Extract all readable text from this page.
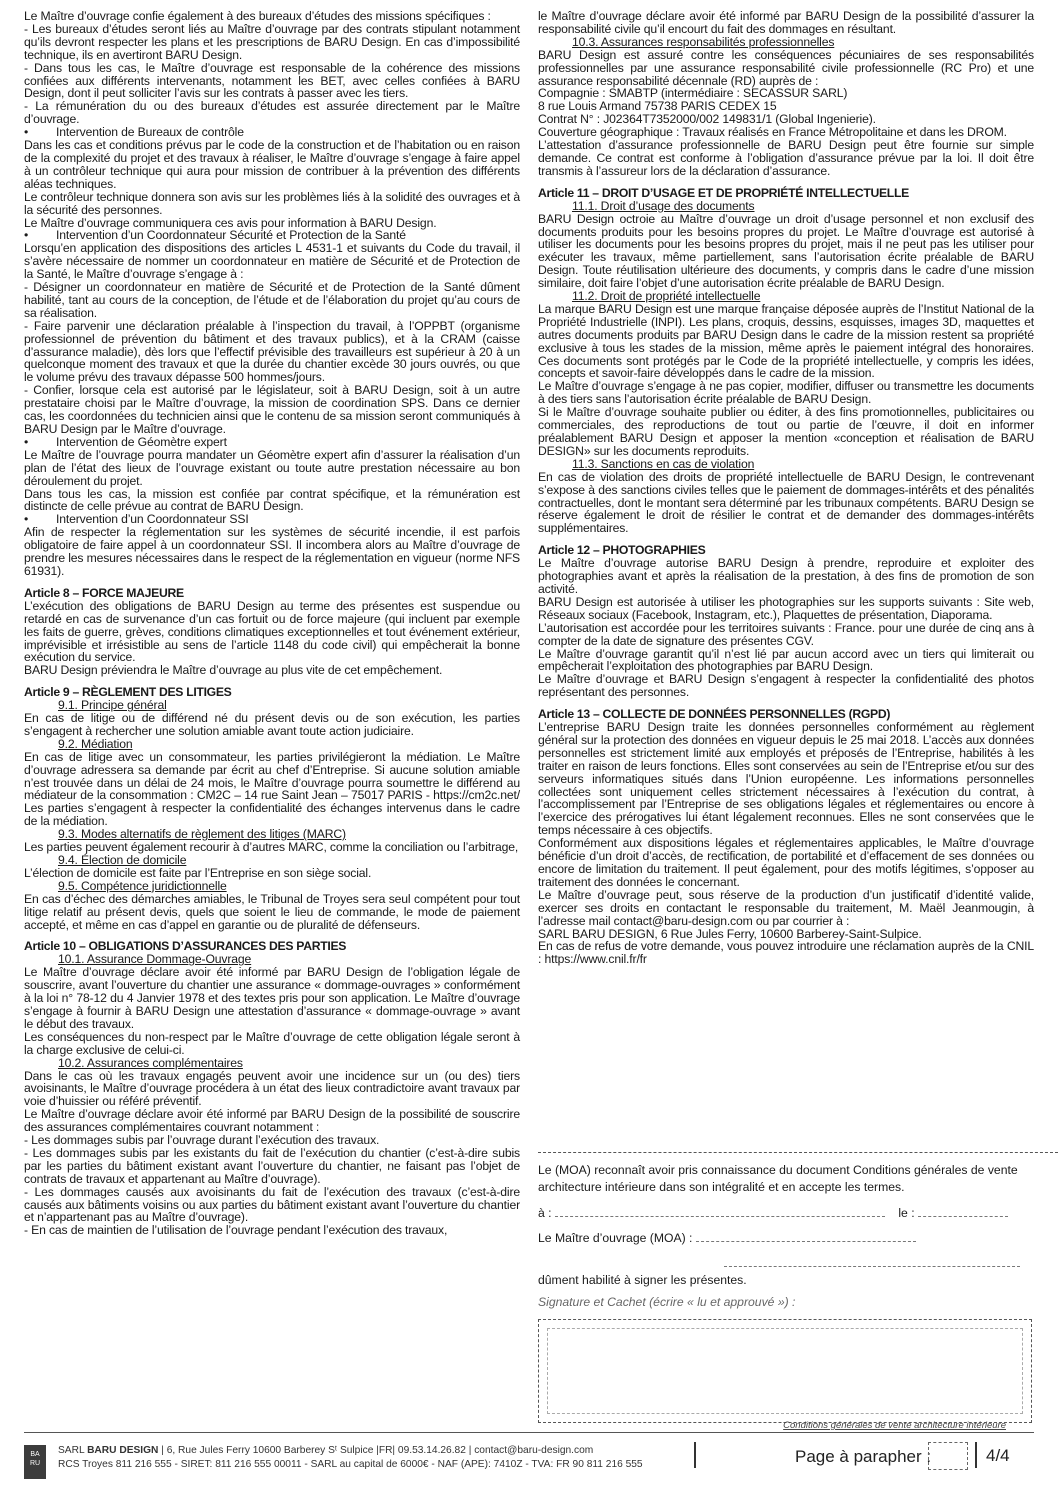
Le Maître d’ouvrage confie également à des bureaux d’études des missions spécifiques :

- Les bureaux d’études seront liés au Maître d’ouvrage par des contrats stipulant notamment qu’ils devront respecter les plans et les prescriptions de BARU Design. En cas d’impossibilité technique, ils en avertiront BARU Design.

- Dans tous les cas, le Maître d’ouvrage est responsable de la cohérence des missions confiées aux différents intervenants, notamment les BET, avec celles confiées à BARU Design, dont il peut solliciter l’avis sur les contrats à passer avec les tiers.

- La rémunération du ou des bureaux d’études est assurée directement par le Maître d’ouvrage.

•	Intervention de Bureaux de contrôle

Dans les cas et conditions prévus par le code de la construction et de l’habitation ou en raison de la complexité du projet et des travaux à réaliser, le Maître d’ouvrage s’engage à faire appel à un contrôleur technique qui aura pour mission de contribuer à la prévention des différents aléas techniques.

Le contrôleur technique donnera son avis sur les problèmes liés à la solidité des ouvrages et à la sécurité des personnes.

Le Maître d’ouvrage communiquera ces avis pour information à BARU Design.

•	Intervention d’un Coordonnateur Sécurité et Protection de la Santé

Lorsqu’en application des dispositions des articles L 4531-1 et suivants du Code du travail, il s’avère nécessaire de nommer un coordonnateur en matière de Sécurité et de Protection de la Santé, le Maître d’ouvrage s’engage à :

- Désigner un coordonnateur en matière de Sécurité et de Protection de la Santé dûment habilité, tant au cours de la conception, de l’étude et de l’élaboration du projet qu’au cours de sa réalisation.

- Faire parvenir une déclaration préalable à l’inspection du travail, à l’OPPBT (organisme professionnel de prévention du bâtiment et des travaux publics), et à la CRAM (caisse d’assurance maladie), dès lors que l’effectif prévisible des travailleurs est supérieur à 20 à un quelconque moment des travaux et que la durée du chantier excède 30 jours ouvrés, ou que le volume prévu des travaux dépasse 500 hommes/jours.

- Confier, lorsque cela est autorisé par le législateur, soit à BARU Design, soit à un autre prestataire choisi par le Maître d’ouvrage, la mission de coordination SPS. Dans ce dernier cas, les coordonnées du technicien ainsi que le contenu de sa mission seront communiqués à BARU Design par le Maître d’ouvrage.

•	Intervention de Géomètre expert

Le Maître de l’ouvrage pourra mandater un Géomètre expert afin d’assurer la réalisation d’un plan de l’état des lieux de l’ouvrage existant ou toute autre prestation nécessaire au bon déroulement du projet.

Dans tous les cas, la mission est confiée par contrat spécifique, et la rémunération est distincte de celle prévue au contrat de BARU Design.

•	Intervention d’un Coordonnateur SSI

Afin de respecter la réglementation sur les systèmes de sécurité incendie, il est parfois obligatoire de faire appel à un coordonnateur SSI. Il incombera alors au Maître d’ouvrage de prendre les mesures nécessaires dans le respect de la réglementation en vigueur (norme NFS 61931).

Article 8 – FORCE MAJEURE

L’exécution des obligations de BARU Design au terme des présentes est suspendue ou retardé en cas de survenance d’un cas fortuit ou de force majeure (qui incluent par exemple les faits de guerre, grèves, conditions climatiques exceptionnelles et tout événement extérieur, imprévisible et irrésistible au sens de l’article 1148 du code civil) qui empêcherait la bonne exécution du service.

BARU Design préviendra le Maître d’ouvrage au plus vite de cet empêchement.

Article 9 – RÈGLEMENT DES LITIGES

9.1. Principe général

En cas de litige ou de différend né du présent devis ou de son exécution, les parties s’engagent à rechercher une solution amiable avant toute action judiciaire.

9.2. Médiation

En cas de litige avec un consommateur, les parties privilégieront la médiation. Le Maître d’ouvrage adressera sa demande par écrit au chef d’Entreprise. Si aucune solution amiable n’est trouvée dans un délai de 24 mois, le Maître d’ouvrage pourra soumettre le différend au médiateur de la consommation : CM2C – 14 rue Saint Jean – 75017 PARIS - https://cm2c.net/ Les parties s’engagent à respecter la confidentialité des échanges intervenus dans le cadre de la médiation.

9.3. Modes alternatifs de règlement des litiges (MARC)

Les parties peuvent également recourir à d’autres MARC, comme la conciliation ou l’arbitrage,

9.4. Élection de domicile

L’élection de domicile est faite par l’Entreprise en son siège social.

9.5. Compétence juridictionnelle

En cas d’échec des démarches amiables, le Tribunal de Troyes sera seul compétent pour tout litige relatif au présent devis, quels que soient le lieu de commande, le mode de paiement accepté, et même en cas d’appel en garantie ou de pluralité de défenseurs.

Article 10 – OBLIGATIONS D’ASSURANCES DES PARTIES

10.1. Assurance Dommage-Ouvrage

Le Maître d’ouvrage déclare avoir été informé par BARU Design de l’obligation légale de souscrire, avant l’ouverture du chantier une assurance « dommage-ouvrages » conformément à la loi n° 78-12 du 4 Janvier 1978 et des textes pris pour son application. Le Maître d’ouvrage s’engage à fournir à BARU Design une attestation d’assurance « dommage-ouvrage » avant le début des travaux.

Les conséquences du non-respect par le Maître d’ouvrage de cette obligation légale seront à la charge exclusive de celui-ci.

10.2. Assurances complémentaires

Dans le cas où les travaux engagés peuvent avoir une incidence sur un (ou des) tiers avoisinants, le Maître d’ouvrage procédera à un état des lieux contradictoire avant travaux par voie d’huissier ou référé préventif.

Le Maître d’ouvrage déclare avoir été informé par BARU Design de la possibilité de souscrire des assurances complémentaires couvrant notamment :

- Les dommages subis par l’ouvrage durant l’exécution des travaux.

- Les dommages subis par les existants du fait de l’exécution du chantier (c’est-à-dire subis par les parties du bâtiment existant avant l’ouverture du chantier, ne faisant pas l’objet de contrats de travaux et appartenant au Maître d’ouvrage).

- Les dommages causés aux avoisinants du fait de l’exécution des travaux (c’est-à-dire causés aux bâtiments voisins ou aux parties du bâtiment existant avant l’ouverture du chantier et n’appartenant pas au Maître d’ouvrage).

- En cas de maintien de l’utilisation de l’ouvrage pendant l’exécution des travaux,

le Maître d’ouvrage déclare avoir été informé par BARU Design de la possibilité d’assurer la responsabilité civile qu’il encourt du fait des dommages en résultant.

10.3. Assurances responsabilités professionnelles

BARU Design est assuré contre les conséquences pécuniaires de ses responsabilités professionnelles par une assurance responsabilité civile professionnelle (RC Pro) et une assurance responsabilité décennale (RD) auprès de :

Compagnie : SMABTP (intermédiaire : SECASSUR SARL)

8 rue Louis Armand 75738 PARIS CEDEX 15

Contrat N° : J02364T7352000/002 149831/1 (Global Ingenierie).

Couverture géographique : Travaux réalisés en France Métropolitaine et dans les DROM.

L’attestation d’assurance professionnelle de BARU Design peut être fournie sur simple demande. Ce contrat est conforme à l’obligation d’assurance prévue par la loi. Il doit être transmis à l’assureur lors de la déclaration d’assurance.

Article 11 – DROIT D’USAGE ET DE PROPRIÉTÉ INTELLECTUELLE

11.1. Droit d’usage des documents

BARU Design octroie au Maître d’ouvrage un droit d’usage personnel et non exclusif des documents produits pour les besoins propres du projet. Le Maître d’ouvrage est autorisé à utiliser les documents pour les besoins propres du projet, mais il ne peut pas les utiliser pour exécuter les travaux, même partiellement, sans l’autorisation écrite préalable de BARU Design. Toute réutilisation ultérieure des documents, y compris dans le cadre d’une mission similaire, doit faire l’objet d’une autorisation écrite préalable de BARU Design.

11.2. Droit de propriété intellectuelle

La marque BARU Design est une marque française déposée auprès de l’Institut National de la Propriété Industrielle (INPI). Les plans, croquis, dessins, esquisses, images 3D, maquettes et autres documents produits par BARU Design dans le cadre de la mission restent sa propriété exclusive à tous les stades de la mission, même après le paiement intégral des honoraires. Ces documents sont protégés par le Code de la propriété intellectuelle, y compris les idées, concepts et savoir-faire développés dans le cadre de la mission.

Le Maître d’ouvrage s’engage à ne pas copier, modifier, diffuser ou transmettre les documents à des tiers sans l’autorisation écrite préalable de BARU Design.

Si le Maître d’ouvrage souhaite publier ou éditer, à des fins promotionnelles, publicitaires ou commerciales, des reproductions de tout ou partie de l’œuvre, il doit en informer préalablement BARU Design et apposer la mention «conception et réalisation de BARU DESIGN» sur les documents reproduits.

11.3. Sanctions en cas de violation

En cas de violation des droits de propriété intellectuelle de BARU Design, le contrevenant s’expose à des sanctions civiles telles que le paiement de dommages-intérêts et des pénalités contractuelles, dont le montant sera déterminé par les tribunaux compétents. BARU Design se réserve également le droit de résilier le contrat et de demander des dommages-intérêts supplémentaires.

Article 12 – PHOTOGRAPHIES

Le Maître d’ouvrage autorise BARU Design à prendre, reproduire et exploiter des photographies avant et après la réalisation de la prestation, à des fins de promotion de son activité.

BARU Design est autorisée à utiliser les photographies sur les supports suivants : Site web, Réseaux sociaux (Facebook, Instagram, etc.), Plaquettes de présentation, Diaporama.

L’autorisation est accordée pour les territoires suivants : France. pour une durée de cinq ans à compter de la date de signature des présentes CGV.

Le Maître d’ouvrage garantit qu’il n’est lié par aucun accord avec un tiers qui limiterait ou empêcherait l’exploitation des photographies par BARU Design.

Le Maître d’ouvrage et BARU Design s’engagent à respecter la confidentialité des photos représentant des personnes.

Article 13 – COLLECTE DE DONNÉES PERSONNELLES (RGPD)

L’entreprise BARU Design traite les données personnelles conformément au règlement général sur la protection des données en vigueur depuis le 25 mai 2018. L’accès aux données personnelles est strictement limité aux employés et préposés de l’Entreprise, habilités à les traiter en raison de leurs fonctions. Elles sont conservées au sein de l’Entreprise et/ou sur des serveurs informatiques situés dans l’Union européenne. Les informations personnelles collectées sont uniquement celles strictement nécessaires à l’exécution du contrat, à l’accomplissement par l’Entreprise de ses obligations légales et réglementaires ou encore à l’exercice des prérogatives lui étant légalement reconnues. Elles ne sont conservées que le temps nécessaire à ces objectifs.

Conformément aux dispositions légales et réglementaires applicables, le Maître d’ouvrage bénéficie d’un droit d’accès, de rectification, de portabilité et d’effacement de ses données ou encore de limitation du traitement. Il peut également, pour des motifs légitimes, s’opposer au traitement des données le concernant.

Le Maître d’ouvrage peut, sous réserve de la production d’un justificatif d’identité valide, exercer ses droits en contactant le responsable du traitement, M. Maël Jeanmougin, à l’adresse mail contact@baru-design.com ou par courrier à :

SARL BARU DESIGN, 6 Rue Jules Ferry, 10600 Barberey-Saint-Sulpice.

En cas de refus de votre demande, vous pouvez introduire une réclamation auprès de la CNIL : https://www.cnil.fr/fr

Le (MOA) reconnaît avoir pris connaissance du document Conditions générales de vente architecture intérieure dans son intégralité et en accepte les termes.
à :	le :
Le Maître d’ouvrage (MOA) :
dûment habilité à signer les présentes.
Signature et Cachet (écrire « lu et approuvé ») :
Conditions générales de vente architecture intérieure
BA
RU
SARL BARU DESIGN | 6, Rue Jules Ferry 10600 Barberey Sᵗ Sulpice |FR| 09.53.14.26.82 | contact@baru-design.com
RCS Troyes 811 216 555 - SIRET: 811 216 555 00011 - SARL au capital de 6000€ - NAF (APE): 7410Z - TVA: FR 90 811 216 555	Page à parapher :	4/4
